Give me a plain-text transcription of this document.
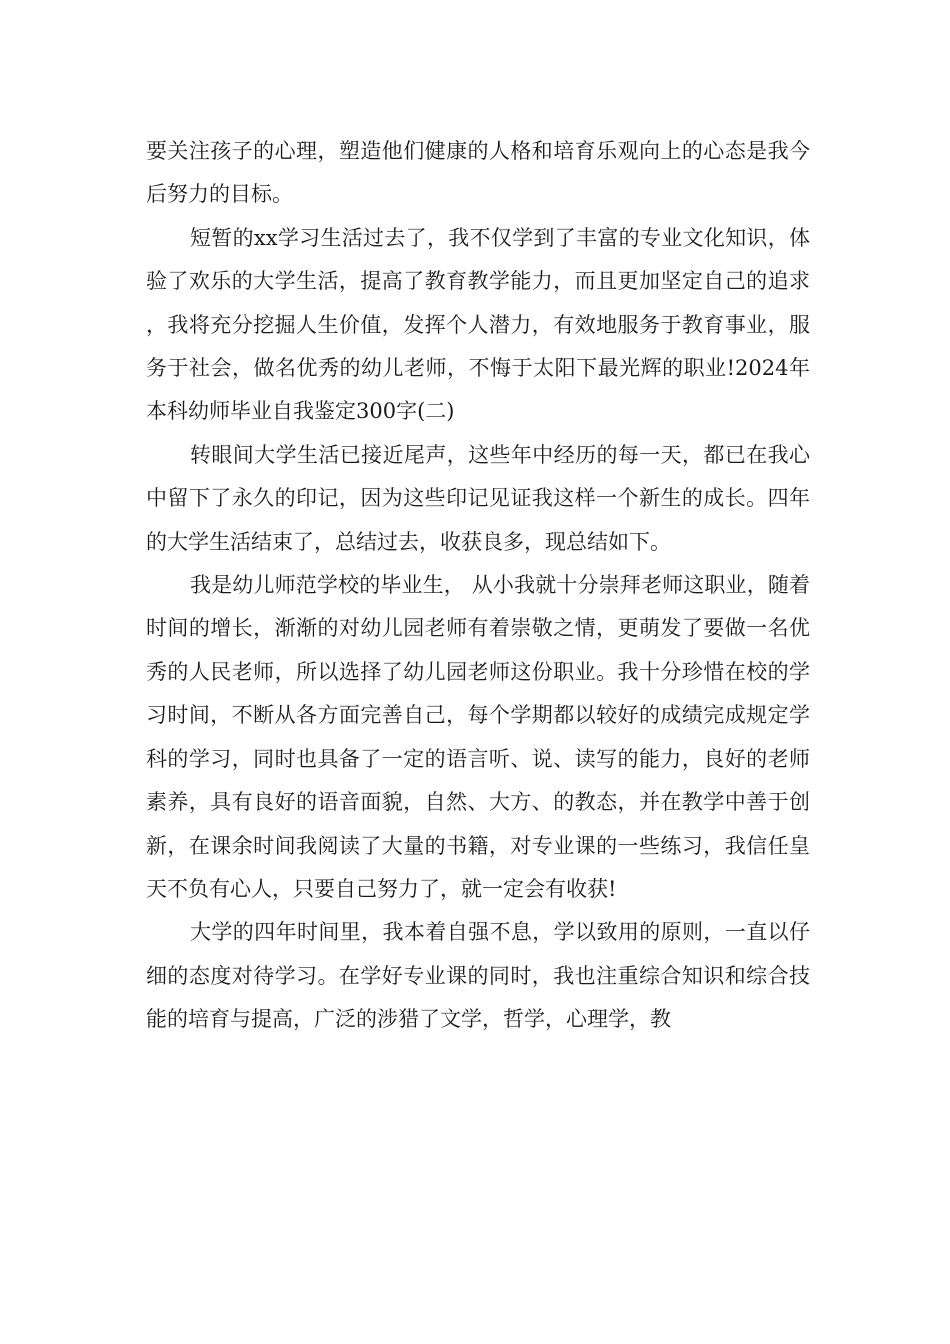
要关注孩子的心理，塑造他们健康的人格和培育乐观向上的心态是我今后努力的目标。

短暂的xx学习生活过去了，我不仅学到了丰富的专业文化知识，体验了欢乐的大学生活，提高了教育教学能力，而且更加坚定自己的追求，我将充分挖掘人生价值，发挥个人潜力，有效地服务于教育事业，服务于社会，做名优秀的幼儿老师，不悔于太阳下最光辉的职业!2024年本科幼师毕业自我鉴定300字(二)

转眼间大学生活已接近尾声，这些年中经历的每一天，都已在我心中留下了永久的印记，因为这些印记见证我这样一个新生的成长。四年的大学生活结束了，总结过去，收获良多，现总结如下。

我是幼儿师范学校的毕业生， 从小我就十分崇拜老师这职业，随着时间的增长，渐渐的对幼儿园老师有着崇敬之情，更萌发了要做一名优秀的人民老师，所以选择了幼儿园老师这份职业。我十分珍惜在校的学习时间，不断从各方面完善自己，每个学期都以较好的成绩完成规定学科的学习，同时也具备了一定的语言听、说、读写的能力，良好的老师素养，具有良好的语音面貌，自然、大方、的教态，并在教学中善于创新，在课余时间我阅读了大量的书籍，对专业课的一些练习，我信任皇天不负有心人，只要自己努力了，就一定会有收获!

大学的四年时间里，我本着自强不息，学以致用的原则，一直以仔细的态度对待学习。在学好专业课的同时，我也注重综合知识和综合技能的培育与提高，广泛的涉猎了文学，哲学，心理学，教
